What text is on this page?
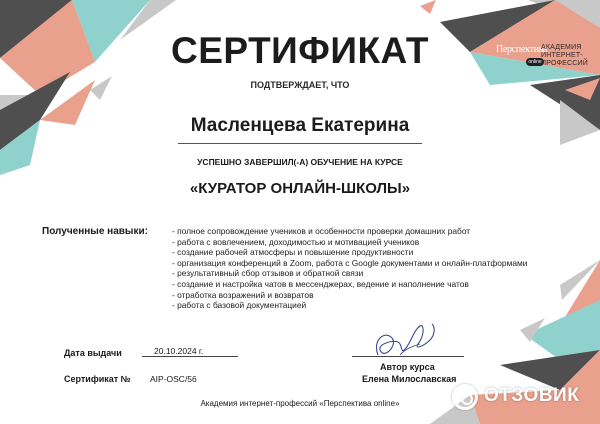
Перспектива
online
АКАДЕМИЯ
ИНТЕРНЕТ-
ПРОФЕССИЙ
СЕРТИФИКАТ
ПОДТВЕРЖДАЕТ, ЧТО
Масленцева Екатерина
УСПЕШНО ЗАВЕРШИЛ(-А) ОБУЧЕНИЕ НА КУРСЕ
«КУРАТОР ОНЛАЙН-ШКОЛЫ»
Полученные навыки:	- полное сопровождение учеников и особенности проверки домашних работ
- работа с вовлечением, доходимостью и мотивацией учеников
- создание рабочей атмосферы и повышение продуктивности
- организация конференций в Zoom, работа с Google документами и онлайн-платформами
- результативный сбор отзывов и обратной связи
- создание и настройка чатов в мессенджерах, ведение и наполнение чатов
- отработка возражений и возвратов
- работа с базовой документацией
Дата выдачи	20.10.2024 г.
Сертификат № AIP-OSC/56
Автор курса
Елена Милославская
Академия интернет-профессий «Перспектива online»	ОТЗОВИК
